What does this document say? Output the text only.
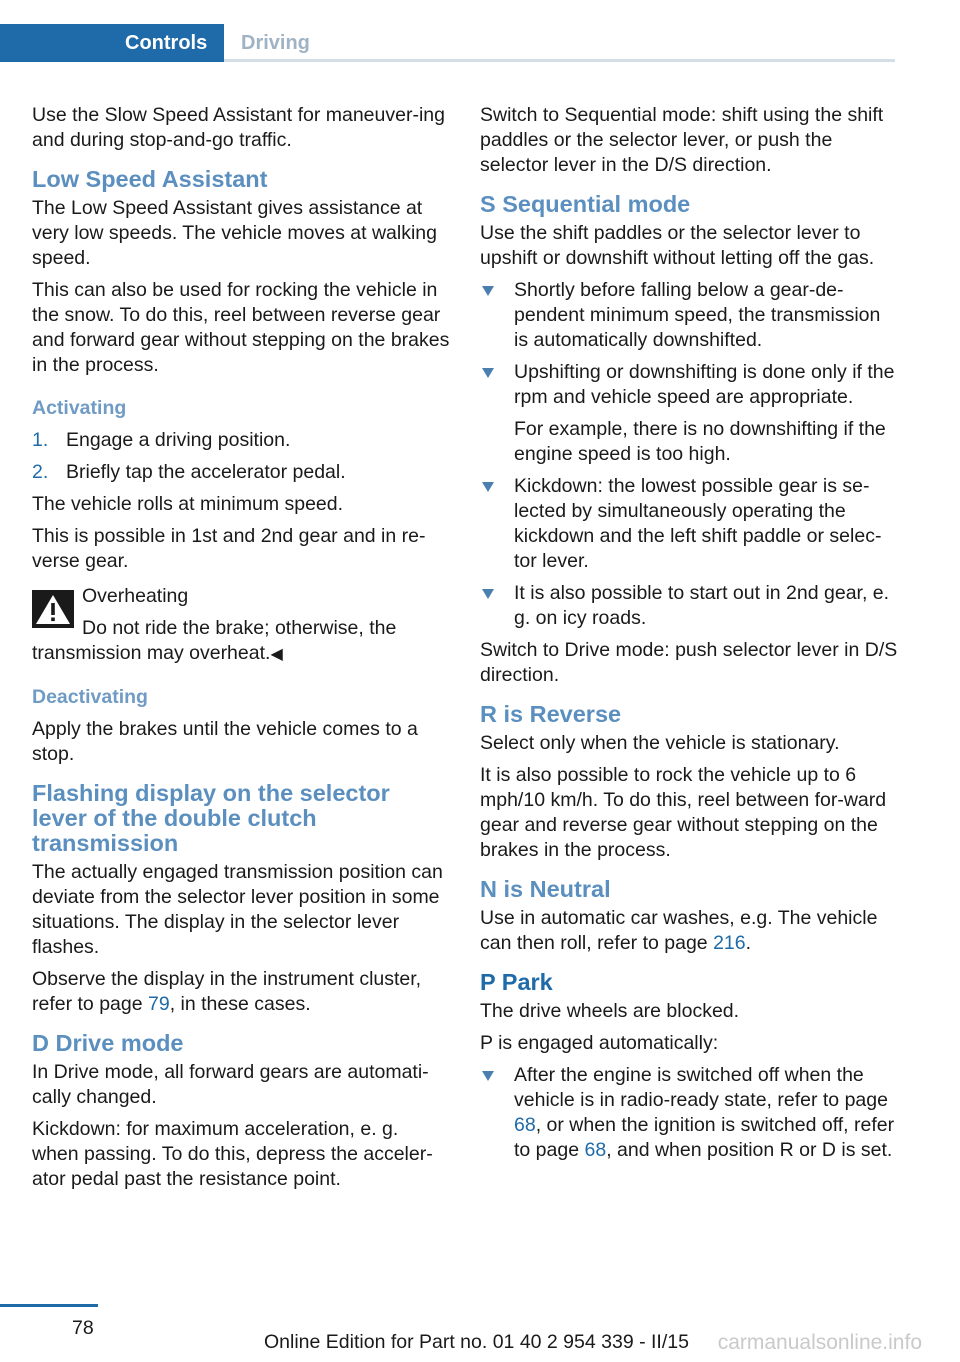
Controls	Driving

Use the Slow Speed Assistant for maneuver‐ing and during stop-and-go traffic.

Low Speed Assistant

The Low Speed Assistant gives assistance at very low speeds. The vehicle moves at walking speed.

This can also be used for rocking the vehicle in the snow. To do this, reel between reverse gear and forward gear without stepping on the brakes in the process.

Activating
1. Engage a driving position.
2. Briefly tap the accelerator pedal.

The vehicle rolls at minimum speed.

This is possible in 1st and 2nd gear and in re‐verse gear.

Overheating

Do not ride the brake; otherwise, the transmission may overheat.◀

Deactivating

Apply the brakes until the vehicle comes to a stop.

Flashing display on the selector lever of the double clutch transmission

The actually engaged transmission position can deviate from the selector lever position in some situations. The display in the selector lever flashes.

Observe the display in the instrument cluster, refer to page 79, in these cases.

D Drive mode

In Drive mode, all forward gears are automati‐cally changed.

Kickdown: for maximum acceleration, e. g. when passing. To do this, depress the acceler‐ator pedal past the resistance point.

Switch to Sequential mode: shift using the shift paddles or the selector lever, or push the selector lever in the D/S direction.

S Sequential mode

Use the shift paddles or the selector lever to upshift or downshift without letting off the gas.

Shortly before falling below a gear-de‐pendent minimum speed, the transmission is automatically downshifted.

Upshifting or downshifting is done only if the rpm and vehicle speed are appropriate.

For example, there is no downshifting if the engine speed is too high.

Kickdown: the lowest possible gear is se‐lected by simultaneously operating the kickdown and the left shift paddle or selec‐tor lever.

It is also possible to start out in 2nd gear, e. g. on icy roads.

Switch to Drive mode: push selector lever in D/S direction.

R is Reverse

Select only when the vehicle is stationary.

It is also possible to rock the vehicle up to 6 mph/10 km/h. To do this, reel between for‐ward gear and reverse gear without stepping on the brakes in the process.

N is Neutral

Use in automatic car washes, e.g. The vehicle can then roll, refer to page 216.

P Park

The drive wheels are blocked.

P is engaged automatically:

After the engine is switched off when the vehicle is in radio-ready state, refer to page 68, or when the ignition is switched off, refer to page 68, and when position R or D is set.

78
Online Edition for Part no. 01 40 2 954 339 - II/15 carmanualsonline.info
